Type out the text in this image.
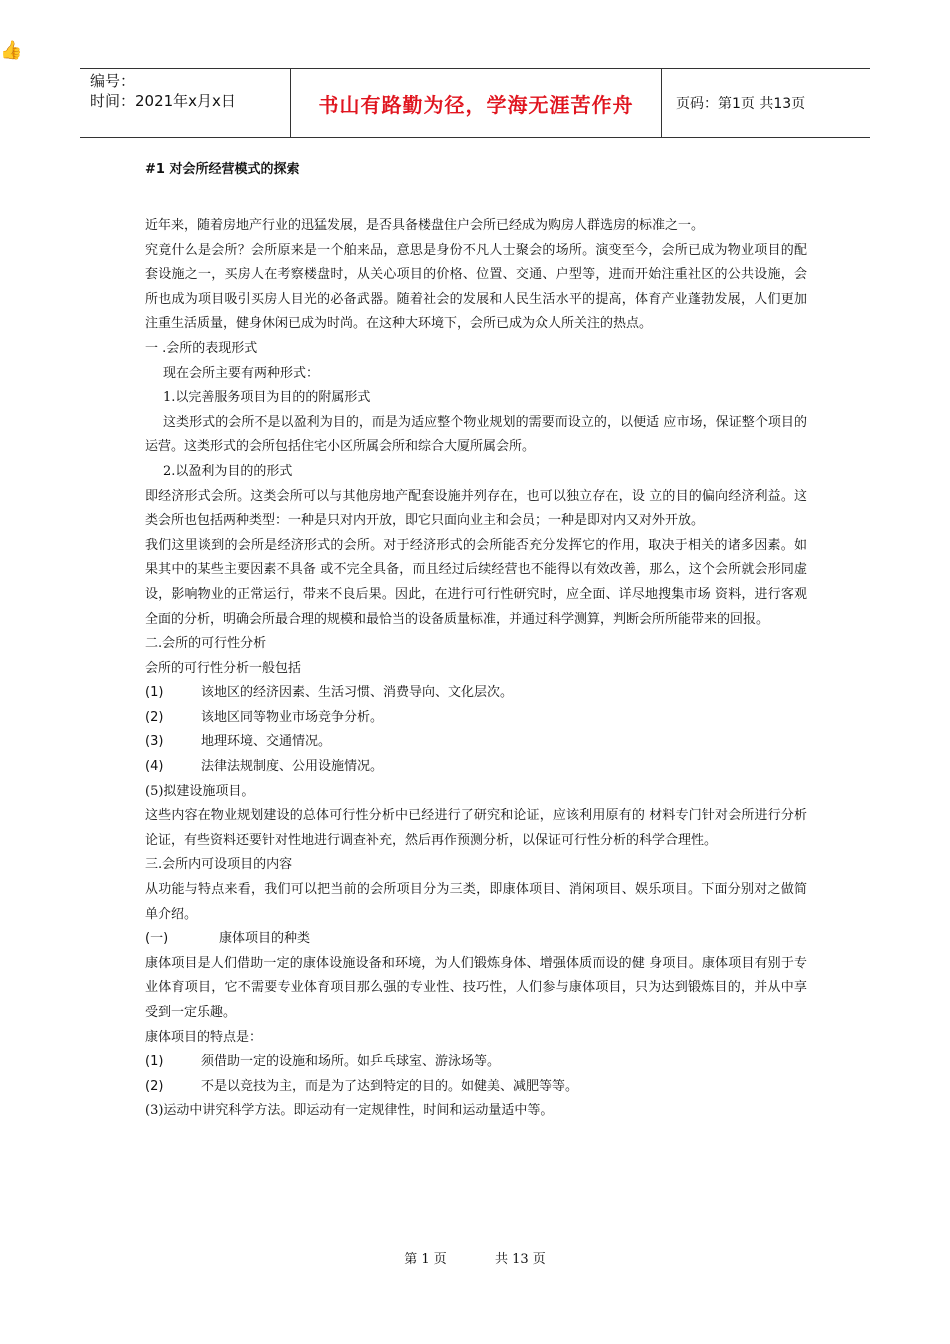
👍
编号：
时间：2021年x月x日	书山有路勤为径，学海无涯苦作舟	页码：第1页 共13页
#1 对会所经营模式的探索

近年来，随着房地产行业的迅猛发展，是否具备楼盘住户会所已经成为购房人群选房的标准之一。

究竟什么是会所？会所原来是一个舶来品，意思是身份不凡人士聚会的场所。演变至今，会所已成为物业项目的配套设施之一，买房人在考察楼盘时，从关心项目的价格、位置、交通、户型等，进而开始注重社区的公共设施，会所也成为项目吸引买房人目光的必备武器。随着社会的发展和人民生活水平的提高，体育产业蓬勃发展，人们更加注重生活质量，健身休闲已成为时尚。在这种大环境下，会所已成为众人所关注的热点。

一 .会所的表现形式

现在会所主要有两种形式：

1.以完善服务项目为目的的附属形式

这类形式的会所不是以盈利为目的，而是为适应整个物业规划的需要而设立的，以便适 应市场，保证整个项目的运营。这类形式的会所包括住宅小区所属会所和综合大厦所属会所。

2.以盈利为目的的形式

即经济形式会所。这类会所可以与其他房地产配套设施并列存在，也可以独立存在，设 立的目的偏向经济利益。这类会所也包括两种类型：一种是只对内开放，即它只面向业主和会员；一种是即对内又对外开放。

我们这里谈到的会所是经济形式的会所。对于经济形式的会所能否充分发挥它的作用，取决于相关的诸多因素。如果其中的某些主要因素不具备 或不完全具备，而且经过后续经营也不能得以有效改善，那么，这个会所就会形同虚设，影响物业的正常运行，带来不良后果。因此，在进行可行性研究时，应全面、详尽地搜集市场 资料，进行客观全面的分析，明确会所最合理的规模和最恰当的设备质量标准，并通过科学测算，判断会所所能带来的回报。

二.会所的可行性分析

会所的可行性分析一般包括

(1)	该地区的经济因素、生活习惯、消费导向、文化层次。
(2)	该地区同等物业市场竞争分析。
(3)	地理环境、交通情况。
(4)	法律法规制度、公用设施情况。

(5)拟建设施项目。

这些内容在物业规划建设的总体可行性分析中已经进行了研究和论证，应该利用原有的 材料专门针对会所进行分析论证，有些资料还要针对性地进行调查补充，然后再作预测分析，以保证可行性分析的科学合理性。

三.会所内可设项目的内容

从功能与特点来看，我们可以把当前的会所项目分为三类，即康体项目、消闲项目、娱乐项目。下面分别对之做简单介绍。

(一)	康体项目的种类

康体项目是人们借助一定的康体设施设备和环境，为人们锻炼身体、增强体质而设的健 身项目。康体项目有别于专业体育项目，它不需要专业体育项目那么强的专业性、技巧性，人们参与康体项目，只为达到锻炼目的，并从中享受到一定乐趣。

康体项目的特点是：

(1)	须借助一定的设施和场所。如乒乓球室、游泳场等。
(2)	不是以竞技为主，而是为了达到特定的目的。如健美、减肥等等。

(3)运动中讲究科学方法。即运动有一定规律性，时间和运动量适中等。

第 1 页	共 13 页
